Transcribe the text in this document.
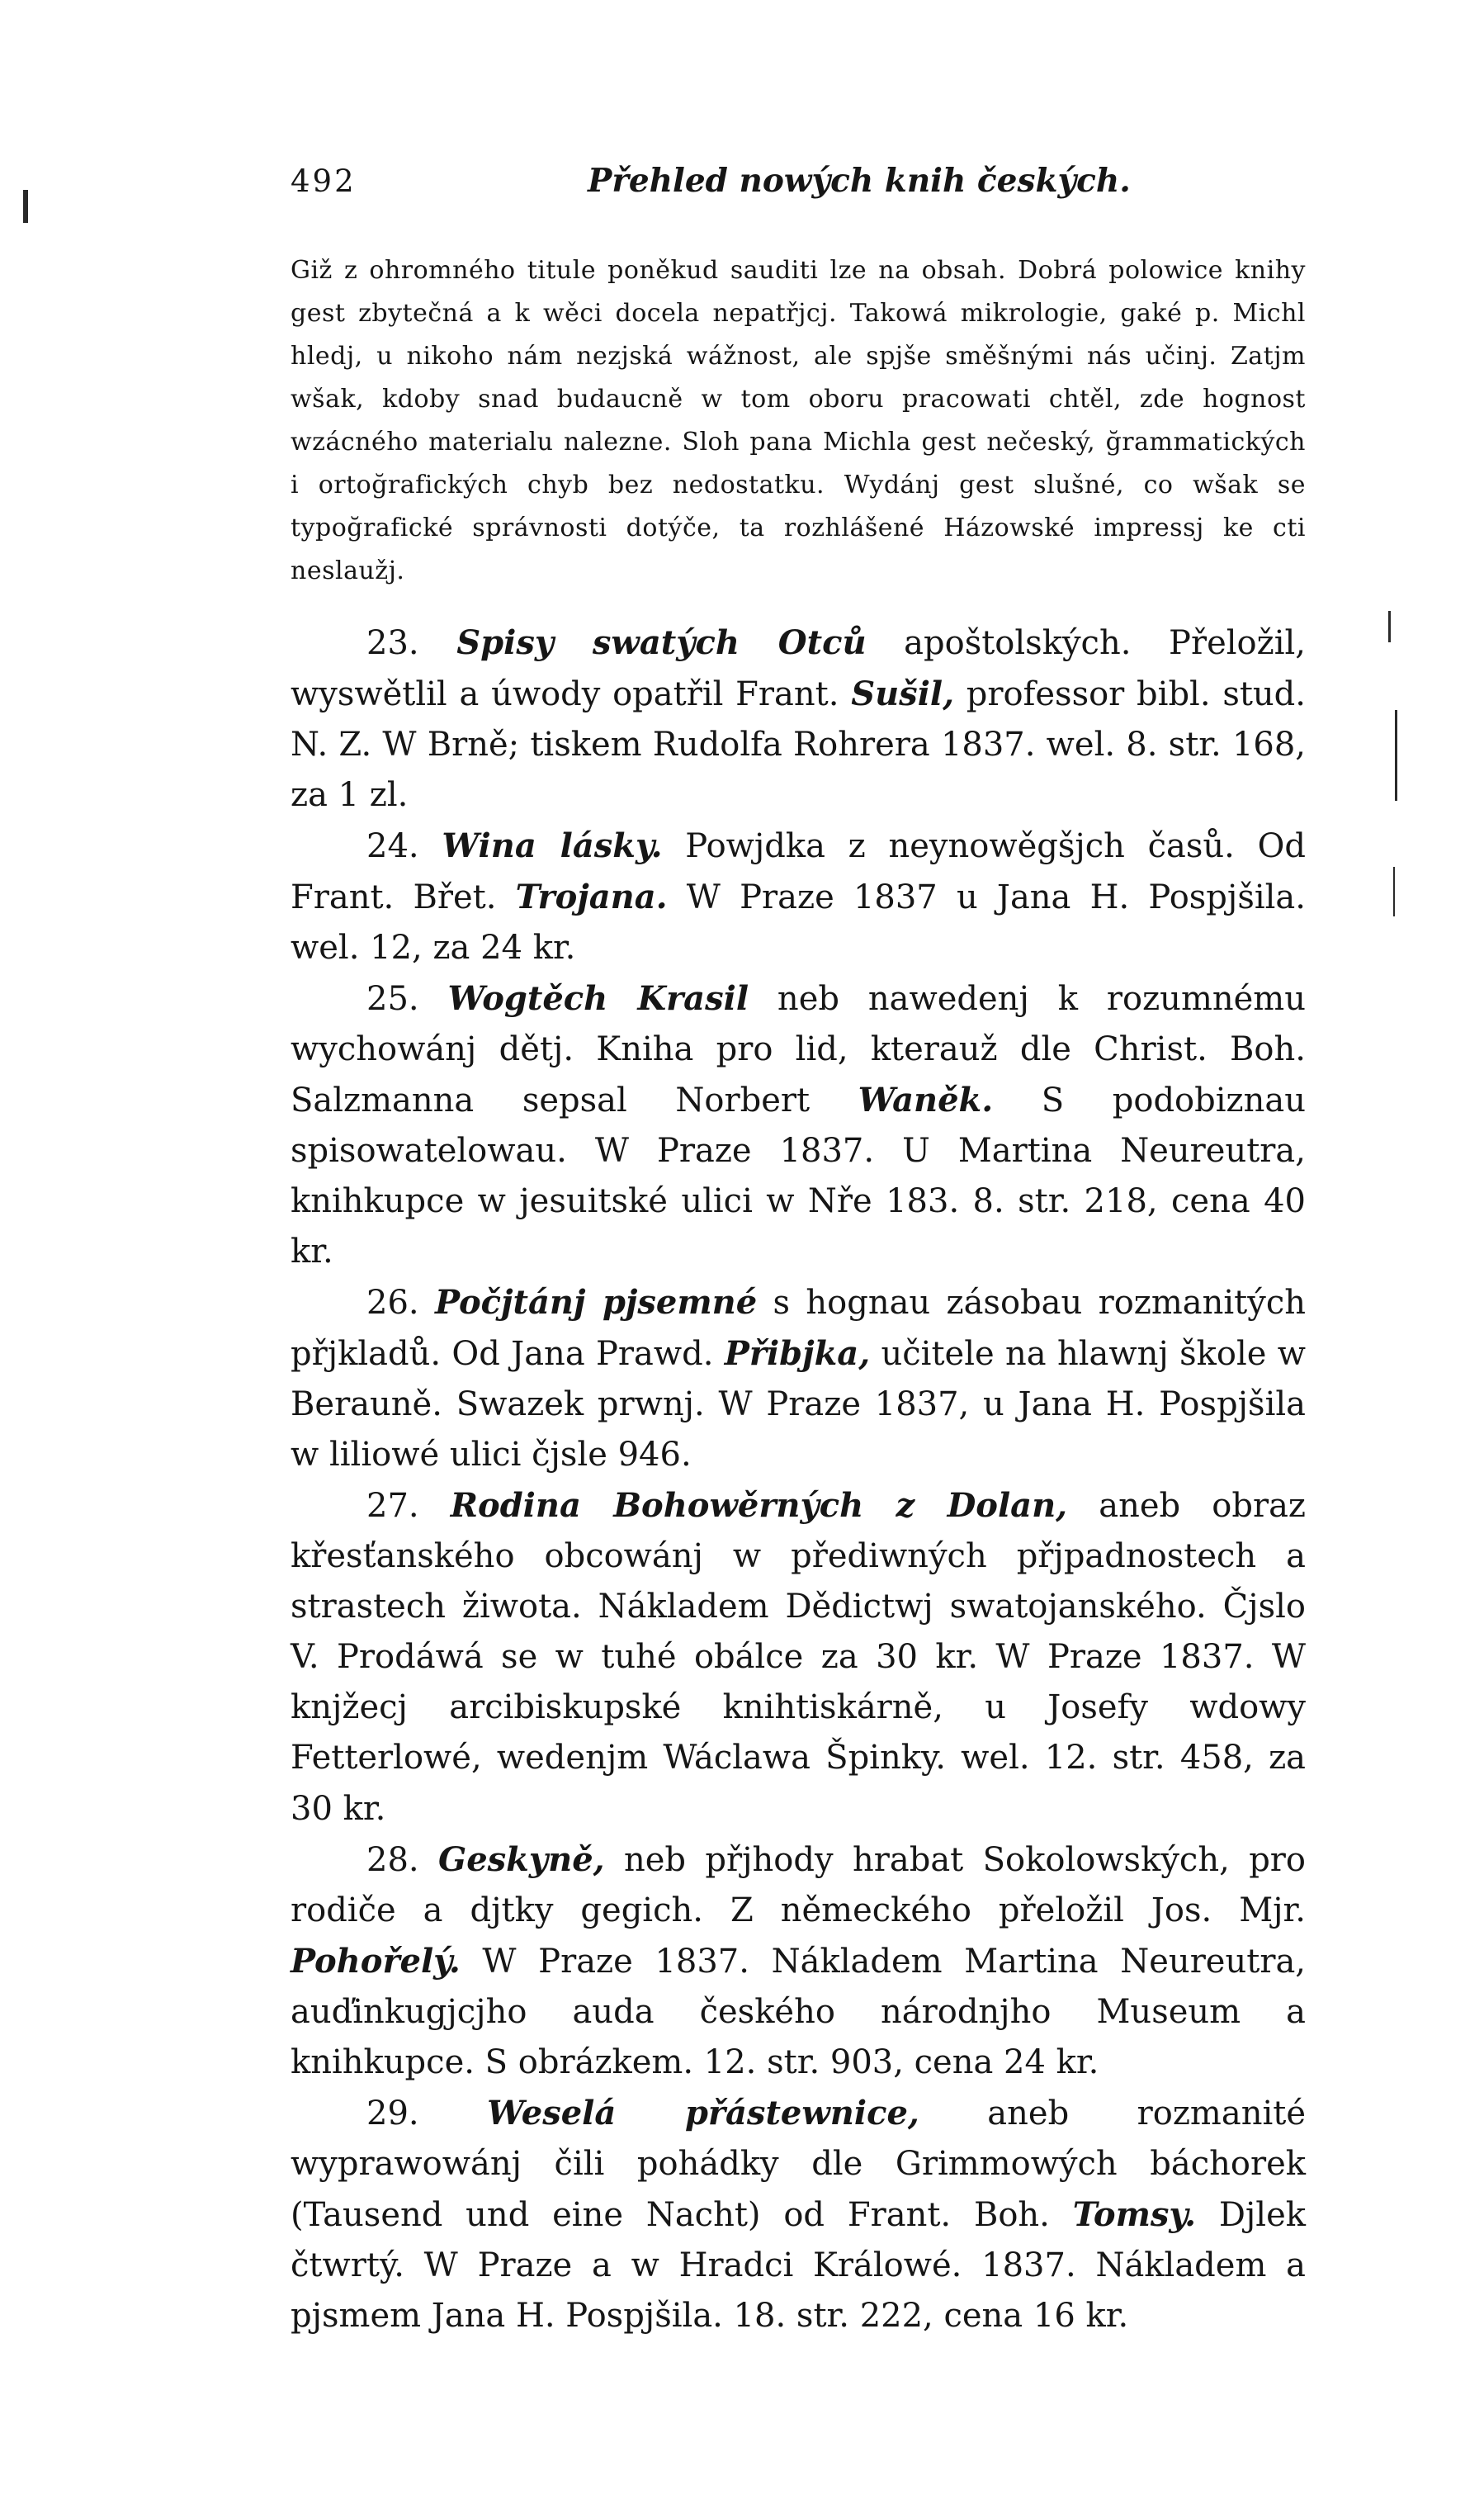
492	Přehled nowých knih českých.

Giž z ohromného titule poněkud sauditi lze na obsah. Dobrá polowice knihy gest zbytečná a k wěci docela nepatřjcj. Takowá mikrologie, gaké p. Michl hledj, u nikoho nám nezjská wážnost, ale spjše směšnými nás učinj. Zatjm wšak, kdoby snad budaucně w tom oboru pracowati chtěl, zde hognost wzácného materialu nalezne. Sloh pana Michla gest nečeský, ğrammatických i ortoğrafických chyb bez nedostatku. Wydánj gest slušné, co wšak se typoğrafické správnosti dotýče, ta rozhlášené Házowské impressj ke cti neslaužj.

23. Spisy swatých Otců apoštolských. Přeložil, wyswětlil a úwody opatřil Frant. Sušil, professor bibl. stud. N. Z. W Brně; tiskem Rudolfa Rohrera 1837. wel. 8. str. 168, za 1 zl.

24. Wina lásky. Powjdka z neynowěgšjch časů. Od Frant. Břet. Trojana. W Praze 1837 u Jana H. Pospjšila. wel. 12, za 24 kr.

25. Wogtěch Krasil neb nawedenj k rozumnému wychowánj dětj. Kniha pro lid, kterauž dle Christ. Boh. Salzmanna sepsal Norbert Waněk. S podobiznau spisowatelowau. W Praze 1837. U Martina Neureutra, knihkupce w jesuitské ulici w Nře 183. 8. str. 218, cena 40 kr.

26. Počjtánj pjsemné s hognau zásobau rozmanitých přjkladů. Od Jana Prawd. Přibjka, učitele na hlawnj škole w Berauně. Swazek prwnj. W Praze 1837, u Jana H. Pospjšila w liliowé ulici čjsle 946.

27. Rodina Bohowěrných z Dolan, aneb obraz křesťanského obcowánj w přediwných přjpadnostech a strastech žiwota. Nákladem Dědictwj swatojanského. Čjslo V. Prodáwá se w tuhé obálce za 30 kr. W Praze 1837. W knjžecj arcibiskupské knihtiskárně, u Josefy wdowy Fetterlowé, wedenjm Wáclawa Špinky. wel. 12. str. 458, za 30 kr.

28. Geskyně, neb přjhody hrabat Sokolowských, pro rodiče a djtky gegich. Z německého přeložil Jos. Mjr. Pohořelý. W Praze 1837. Nákladem Martina Neureutra, auďinkugjcjho auda českého národnjho Museum a knihkupce. S obrázkem. 12. str. 903, cena 24 kr.

29. Weselá přástewnice, aneb rozmanité wyprawowánj čili pohádky dle Grimmowých báchorek (Tausend und eine Nacht) od Frant. Boh. Tomsy. Djlek čtwrtý. W Praze a w Hradci Králowé. 1837. Nákladem a pjsmem Jana H. Pospjšila. 18. str. 222, cena 16 kr.
